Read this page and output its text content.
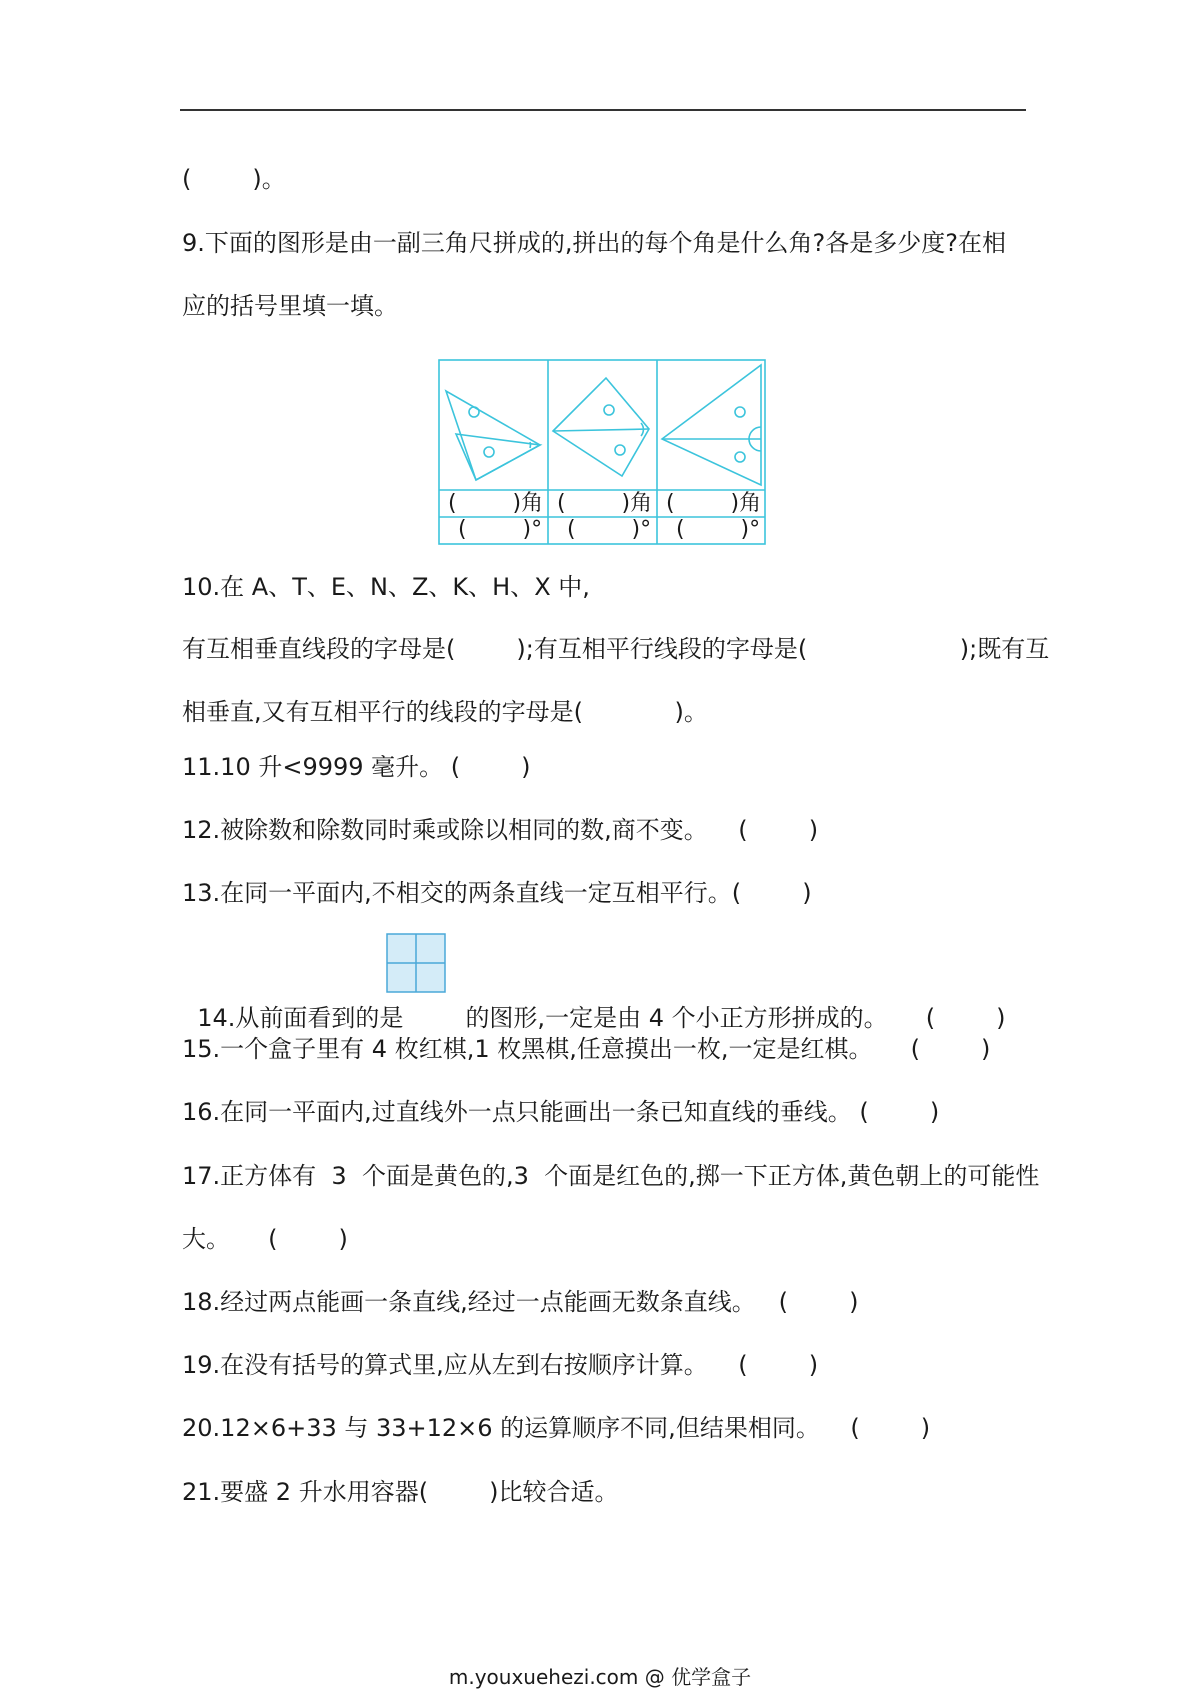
(        )。
9.下面的图形是由一副三角尺拼成的,拼出的每个角是什么角?各是多少度?在相
应的括号里填一填。
(        )角 (        )角 (        )角
(        )° (        )° (        )°
10.在 A、T、E、N、Z、K、H、X 中,
有互相垂直线段的字母是(        );有互相平行线段的字母是(                    );既有互
相垂直,又有互相平行的线段的字母是(            )。
11.10 升<9999 毫升。 (        )
12.被除数和除数同时乘或除以相同的数,商不变。    (        )
13.在同一平面内,不相交的两条直线一定互相平行。(        )

14.从前面看到的是	的图形,一定是由 4 个小正方形拼成的。     (        )

15.一个盒子里有 4 枚红棋,1 枚黑棋,任意摸出一枚,一定是红棋。     (        )
16.在同一平面内,过直线外一点只能画出一条已知直线的垂线。 (        )
17.正方体有  3  个面是黄色的,3  个面是红色的,掷一下正方体,黄色朝上的可能性
大。     (        )
18.经过两点能画一条直线,经过一点能画无数条直线。   (        )
19.在没有括号的算式里,应从左到右按顺序计算。    (        )
20.12×6+33 与 33+12×6 的运算顺序不同,但结果相同。    (        )
21.要盛 2 升水用容器(        )比较合适。
m.youxuehezi.com @ 优学盒子
